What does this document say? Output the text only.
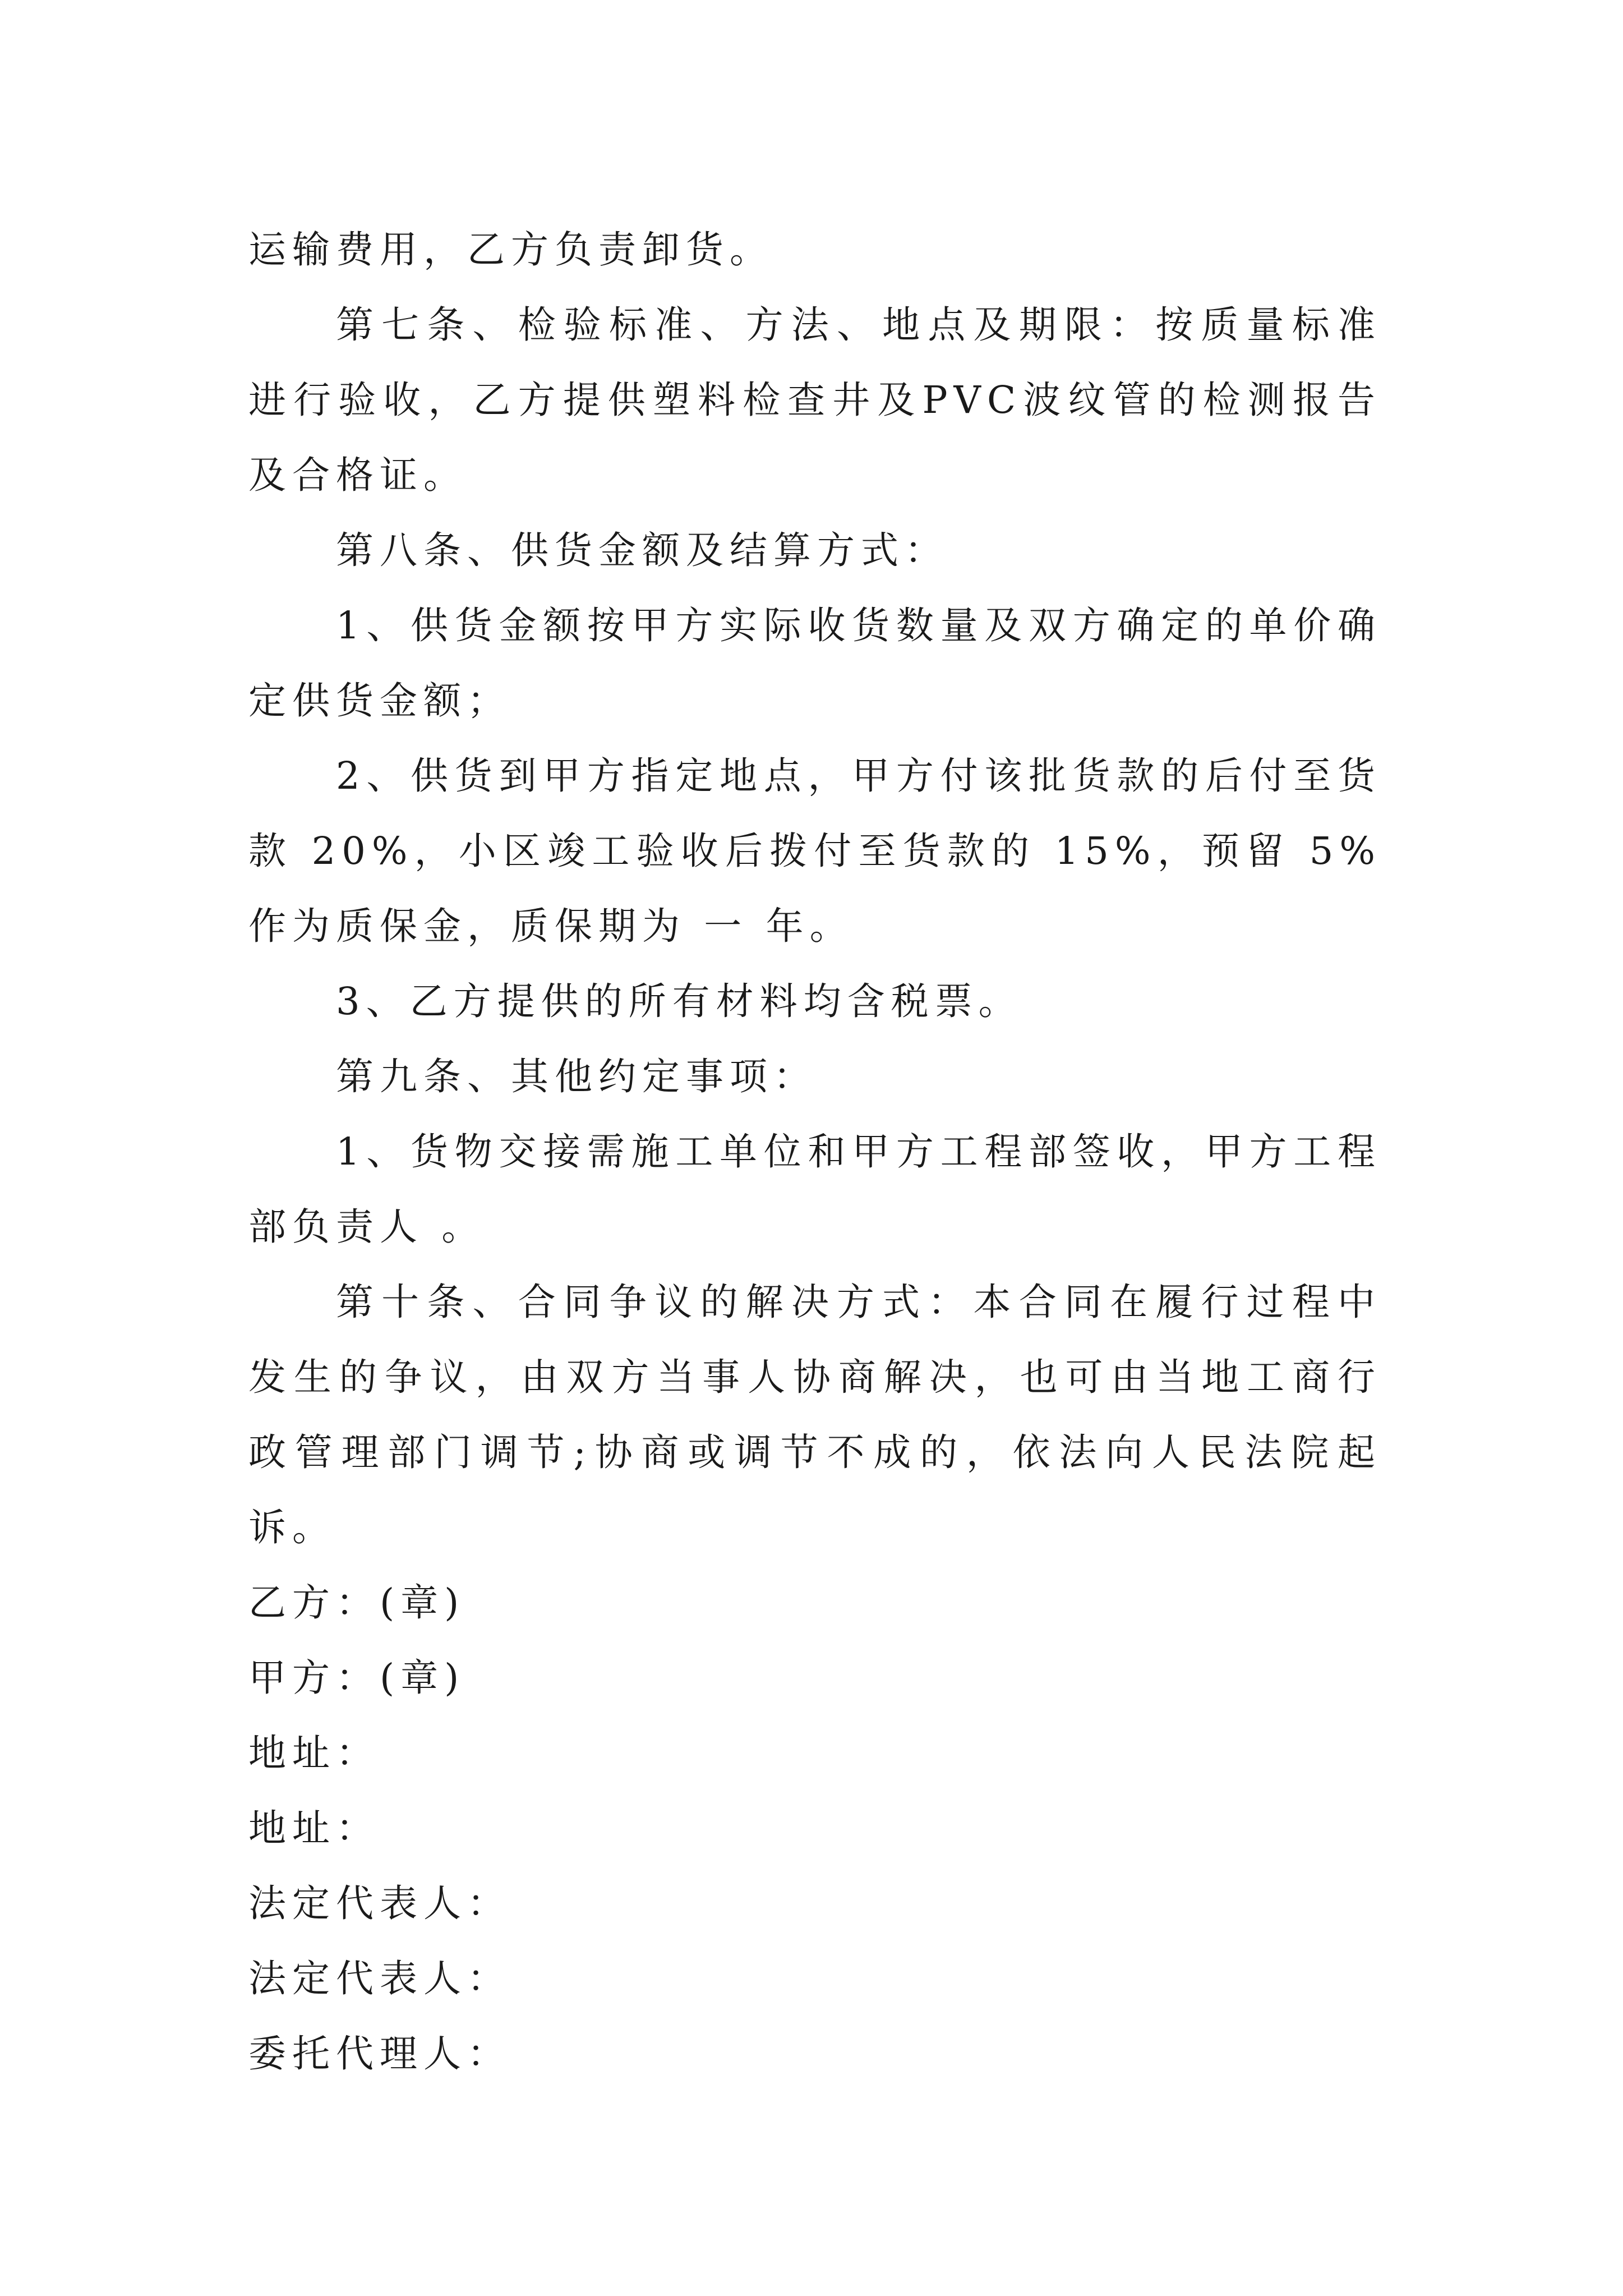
运输费用，乙方负责卸货。

第七条、检验标准、方法、地点及期限：按质量标准进行验收，乙方提供塑料检查井及PVC波纹管的检测报告及合格证。

第八条、供货金额及结算方式：

1、供货金额按甲方实际收货数量及双方确定的单价确定供货金额；

2、供货到甲方指定地点，甲方付该批货款的后付至货款 20%，小区竣工验收后拨付至货款的 15%，预留 5% 作为质保金，质保期为 一 年。

3、乙方提供的所有材料均含税票。

第九条、其他约定事项：

1、货物交接需施工单位和甲方工程部签收，甲方工程部负责人 。

第十条、合同争议的解决方式：本合同在履行过程中发生的争议，由双方当事人协商解决，也可由当地工商行政管理部门调节;协商或调节不成的，依法向人民法院起诉。

乙方：(章)

甲方：(章)

地址：

地址：

法定代表人：

法定代表人：

委托代理人：
